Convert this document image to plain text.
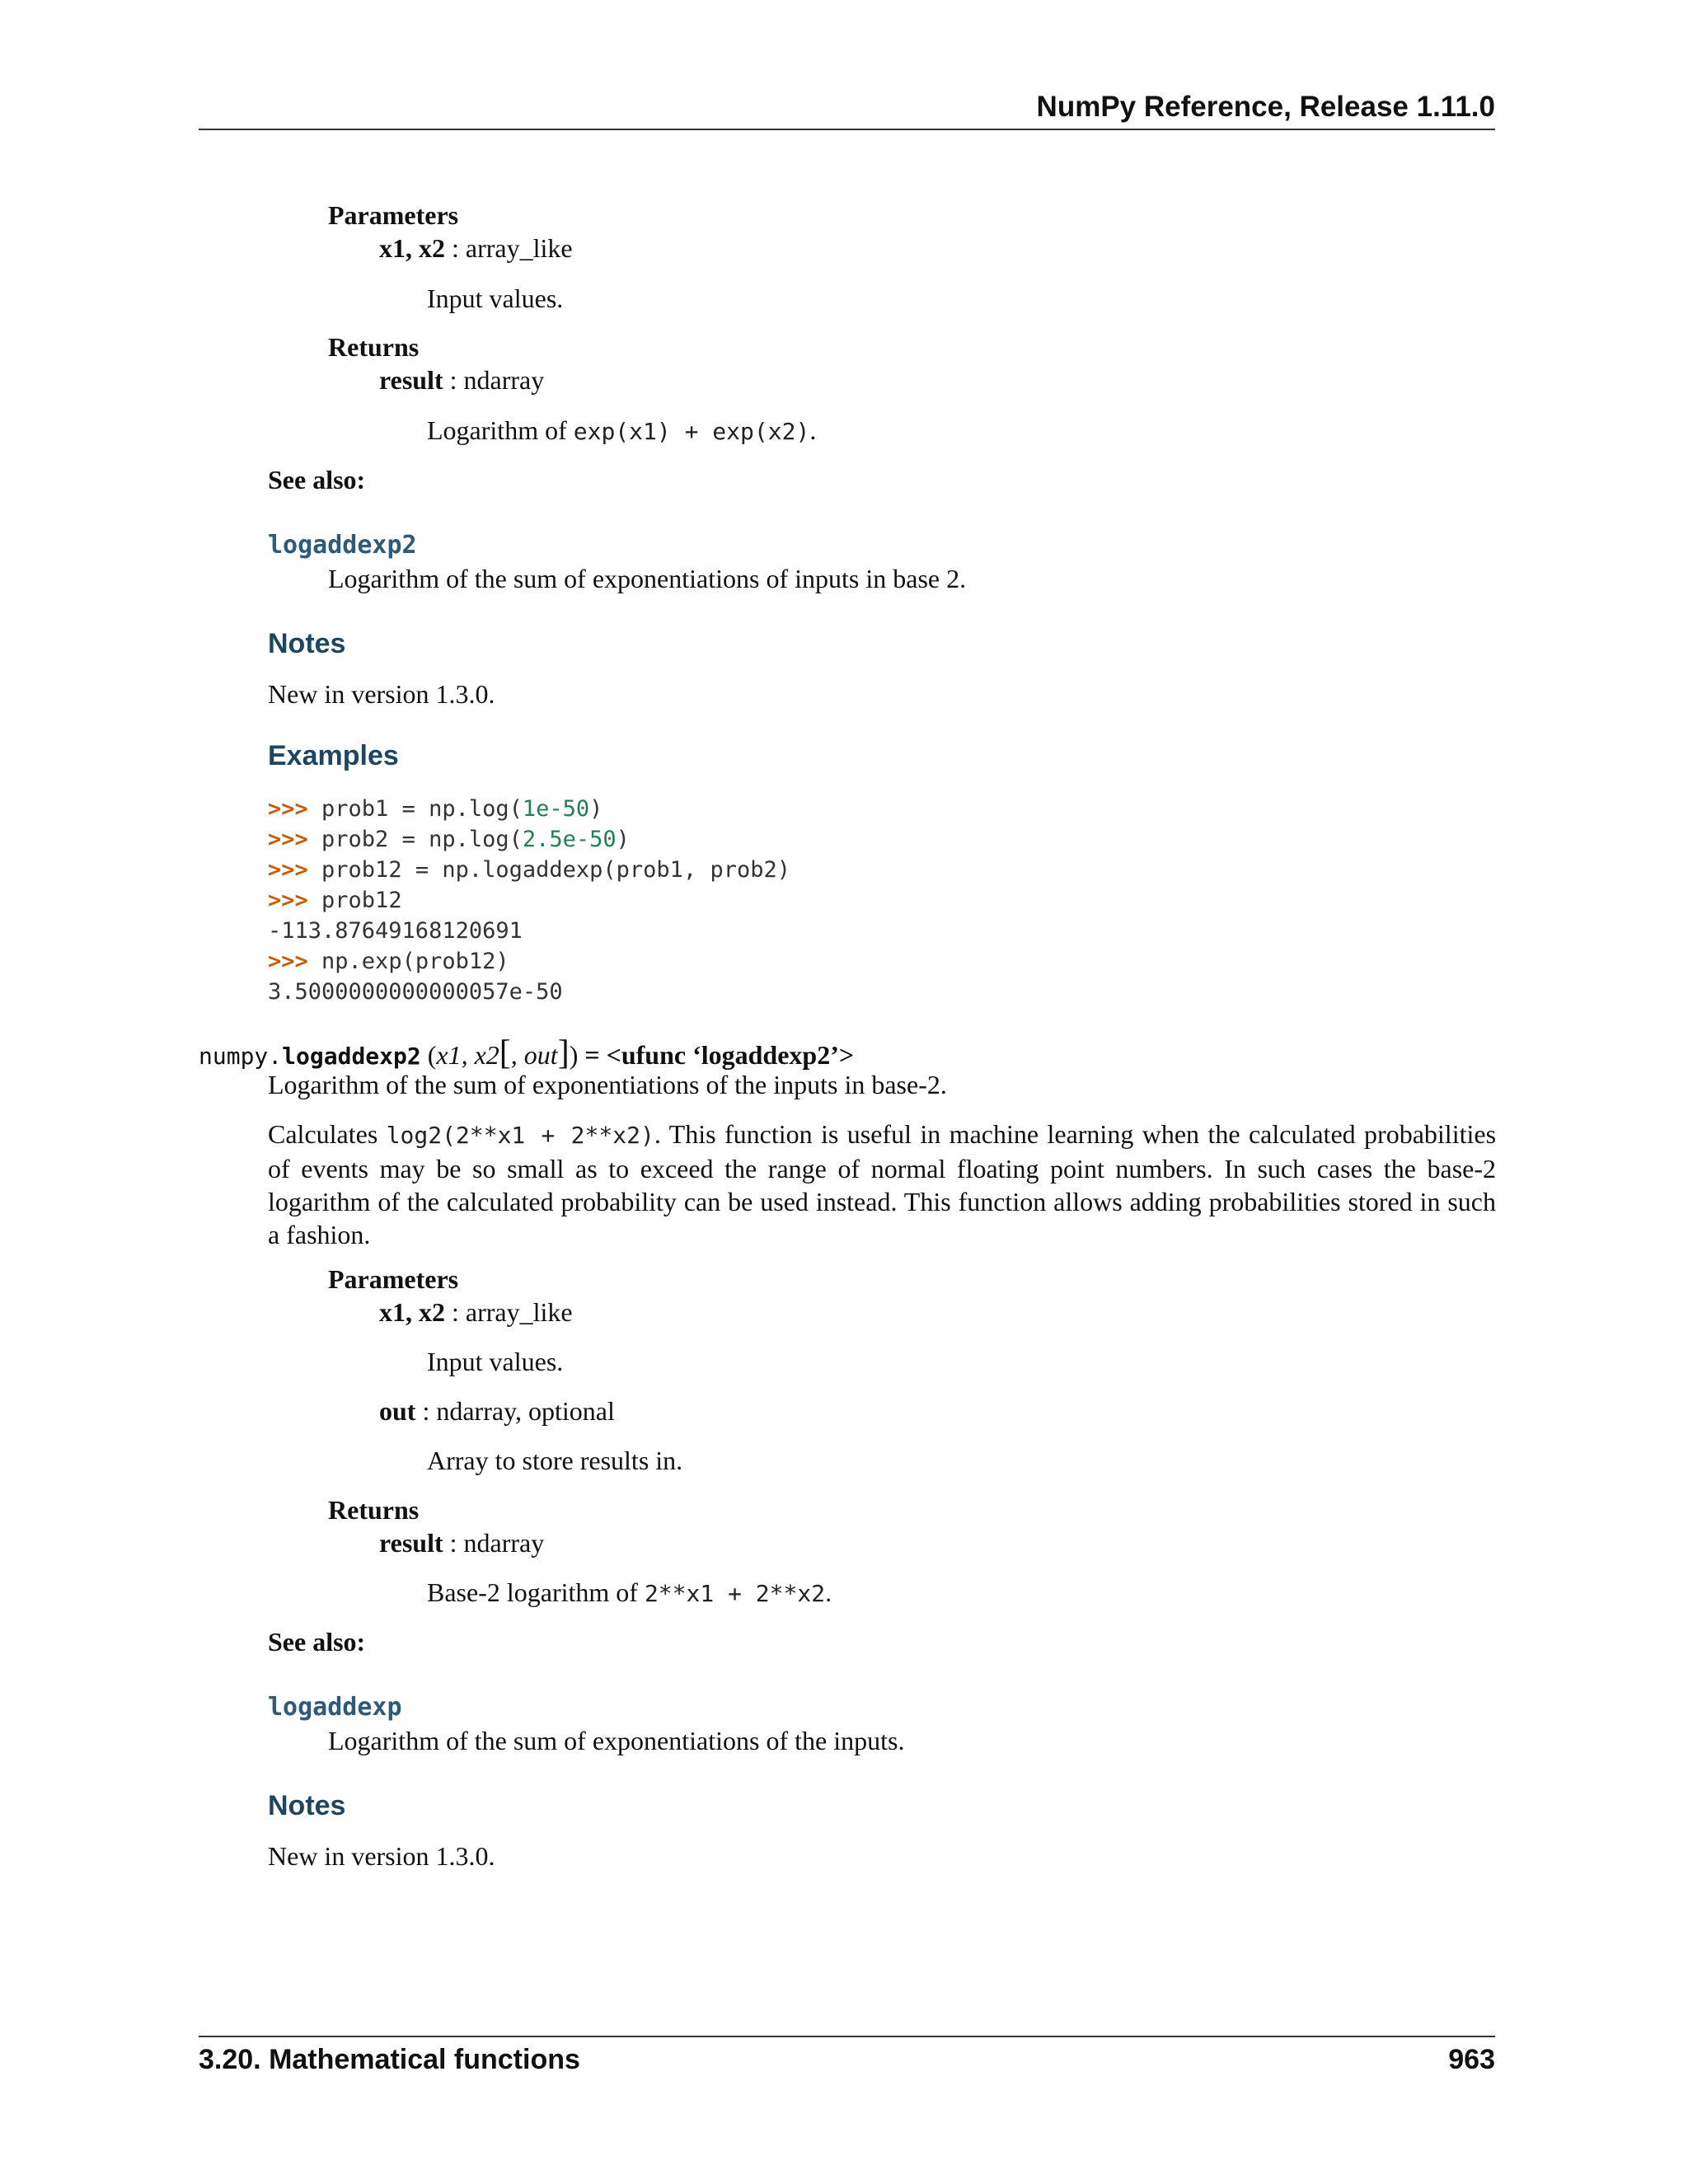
NumPy Reference, Release 1.11.0
Parameters
x1, x2 : array_like
Input values.
Returns
result : ndarray
Logarithm of exp(x1) + exp(x2).
See also:
logaddexp2
Logarithm of the sum of exponentiations of inputs in base 2.
Notes
New in version 1.3.0.
Examples
>>> prob1 = np.log(1e-50)
>>> prob2 = np.log(2.5e-50)
>>> prob12 = np.logaddexp(prob1, prob2)
>>> prob12
-113.87649168120691
>>> np.exp(prob12)
3.5000000000000057e-50
numpy.logaddexp2 (x1, x2[, out]) = <ufunc ‘logaddexp2’>
Logarithm of the sum of exponentiations of the inputs in base-2.
Calculates log2(2**x1 + 2**x2). This function is useful in machine learning when the calculated probabilities of events may be so small as to exceed the range of normal floating point numbers. In such cases the base-2 logarithm of the calculated probability can be used instead. This function allows adding probabilities stored in such a fashion.
Parameters
x1, x2 : array_like
Input values.
out : ndarray, optional
Array to store results in.
Returns
result : ndarray
Base-2 logarithm of 2**x1 + 2**x2.
See also:
logaddexp
Logarithm of the sum of exponentiations of the inputs.
Notes
New in version 1.3.0.
3.20. Mathematical functions	963
